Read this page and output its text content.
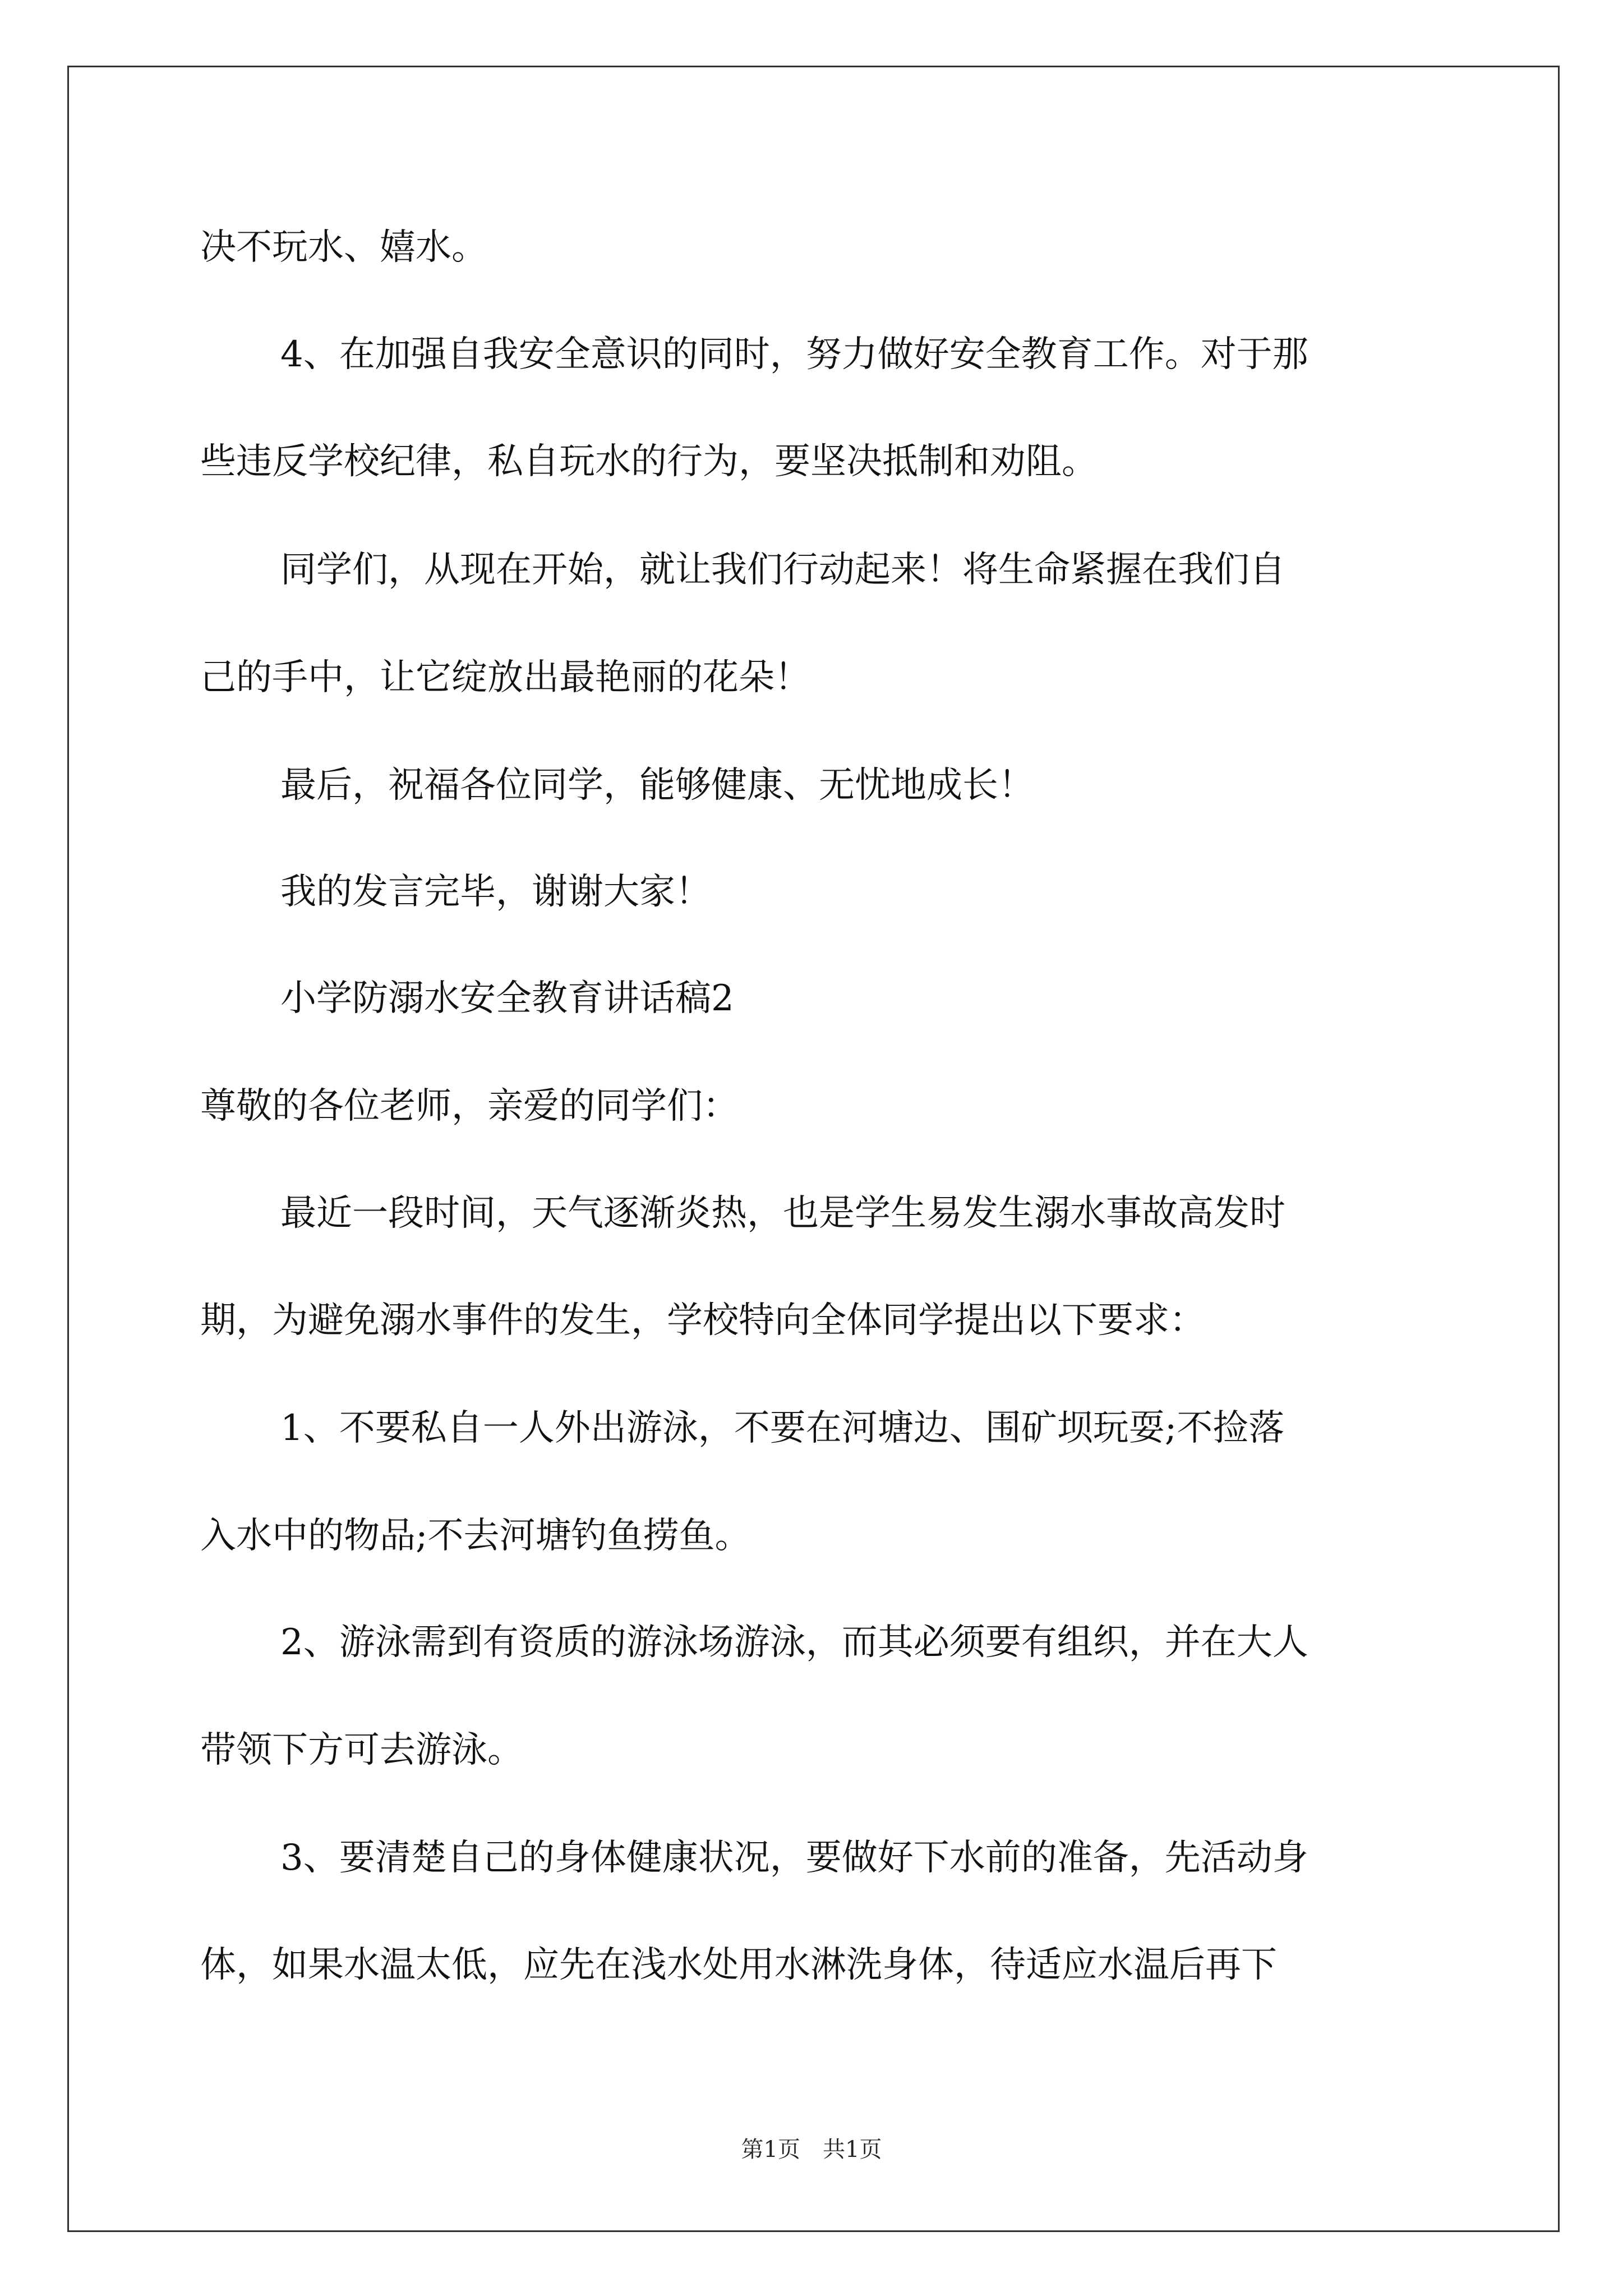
决不玩水、嬉水。

4、在加强自我安全意识的同时，努力做好安全教育工作。对于那

些违反学校纪律，私自玩水的行为，要坚决抵制和劝阻。

同学们，从现在开始，就让我们行动起来！将生命紧握在我们自

己的手中，让它绽放出最艳丽的花朵！

最后，祝福各位同学，能够健康、无忧地成长！

我的发言完毕，谢谢大家！

小学防溺水安全教育讲话稿2

尊敬的各位老师，亲爱的同学们：

最近一段时间，天气逐渐炎热，也是学生易发生溺水事故高发时

期，为避免溺水事件的发生，学校特向全体同学提出以下要求：

1、不要私自一人外出游泳，不要在河塘边、围矿坝玩耍;不捡落

入水中的物品;不去河塘钓鱼捞鱼。

2、游泳需到有资质的游泳场游泳，而其必须要有组织，并在大人

带领下方可去游泳。

3、要清楚自己的身体健康状况，要做好下水前的准备，先活动身

体，如果水温太低，应先在浅水处用水淋洗身体，待适应水温后再下

第1页　共1页
